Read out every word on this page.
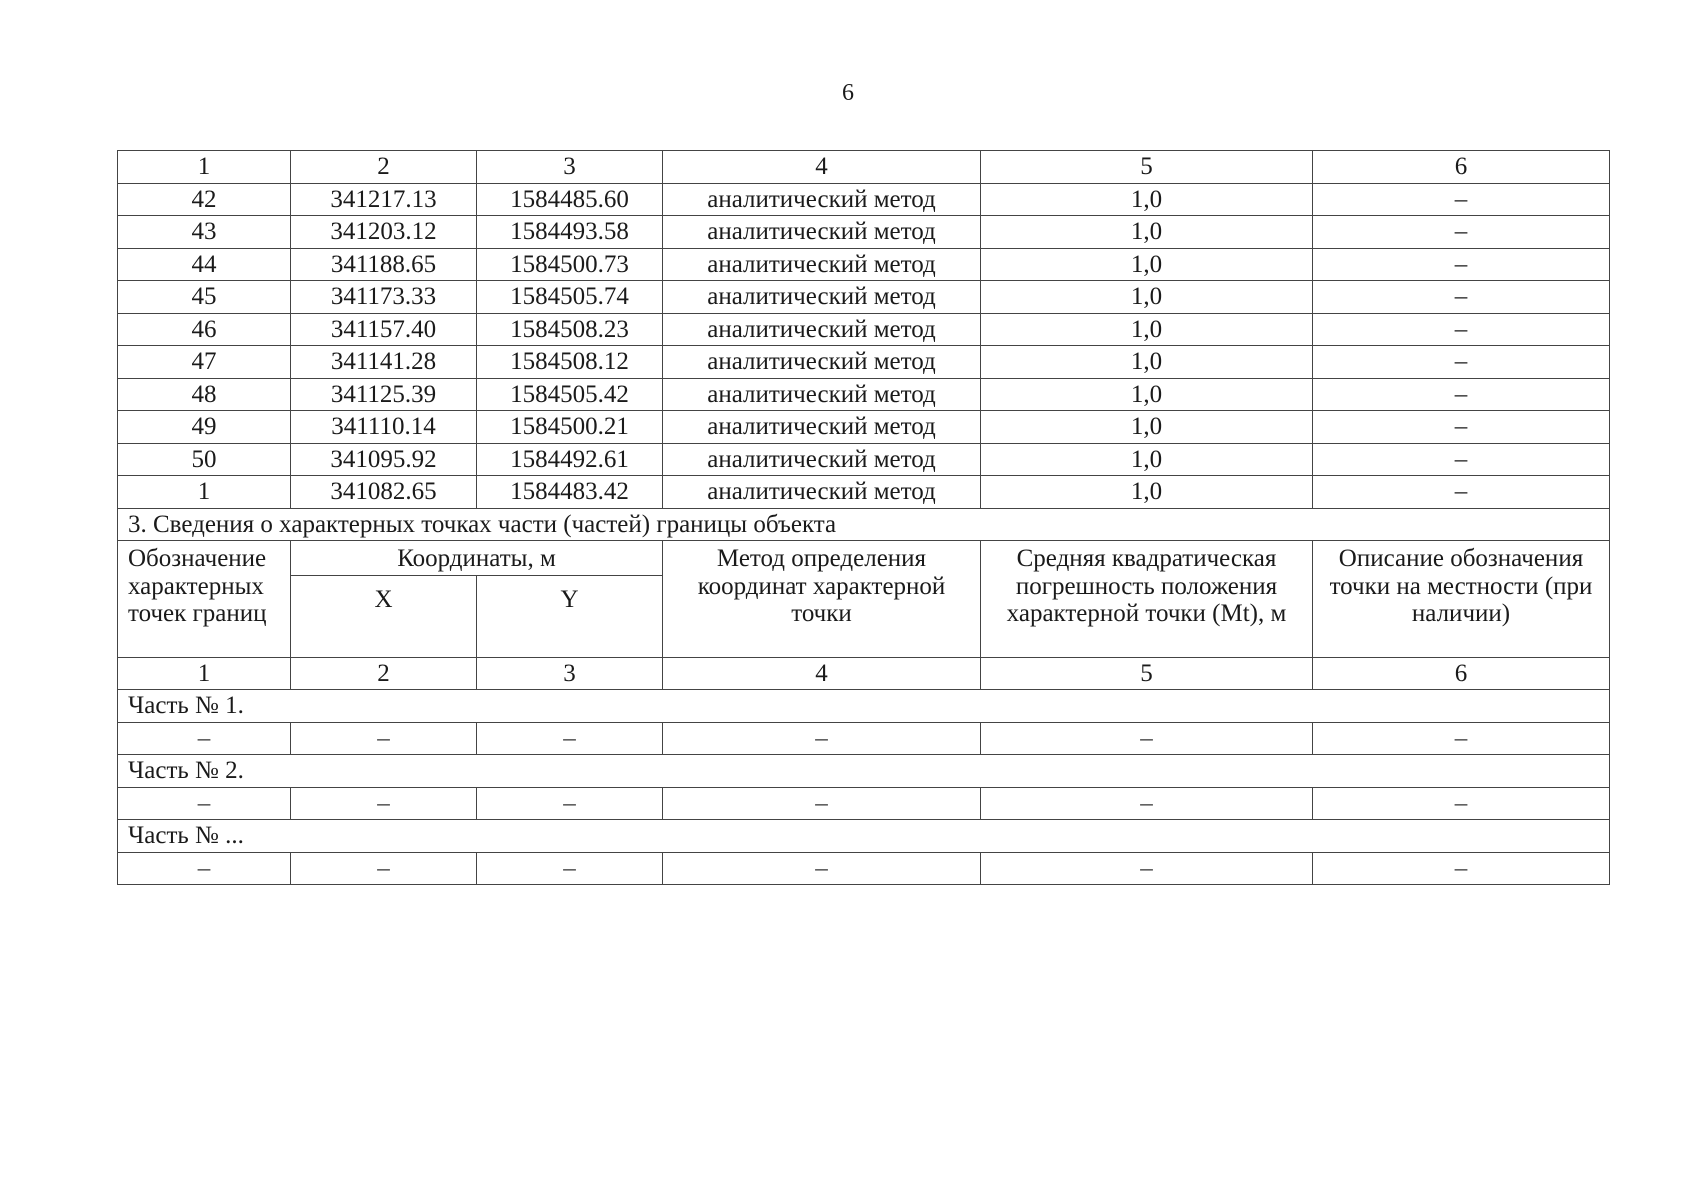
6
1	2	3	4	5	6
42	341217.13	1584485.60	аналитический метод	1,0	–
43	341203.12	1584493.58	аналитический метод	1,0	–
44	341188.65	1584500.73	аналитический метод	1,0	–
45	341173.33	1584505.74	аналитический метод	1,0	–
46	341157.40	1584508.23	аналитический метод	1,0	–
47	341141.28	1584508.12	аналитический метод	1,0	–
48	341125.39	1584505.42	аналитический метод	1,0	–
49	341110.14	1584500.21	аналитический метод	1,0	–
50	341095.92	1584492.61	аналитический метод	1,0	–
1	341082.65	1584483.42	аналитический метод	1,0	–
3. Сведения о характерных точках части (частей) границы объекта					
Обозначение характерных точек границ	Координаты, м		Метод определения координат характерной точки	Средняя квадратическая погрешность положения характерной точки (Mt), м	Описание обозначения точки на местности (при наличии)
	X	Y			
1	2	3	4	5	6
Часть № 1.					
–	–	–	–	–	–
Часть № 2.					
–	–	–	–	–	–
Часть № ...					
–	–	–	–	–	–
